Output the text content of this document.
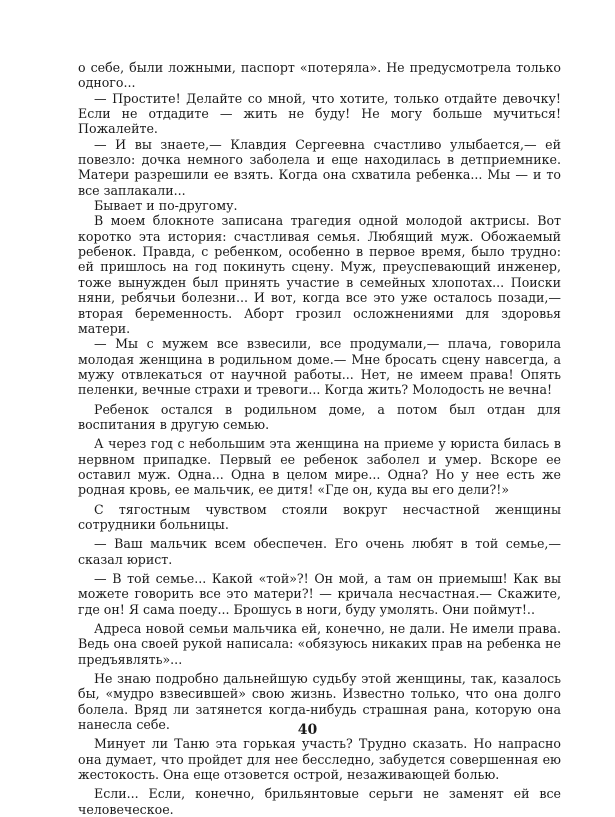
о себе, были ложными, паспорт «потеряла». Не предусмотрела только одного...

— Простите! Делайте со мной, что хотите, только отдайте девочку! Если не отдадите — жить не буду! Не могу больше мучиться! Пожалейте.

— И вы знаете,— Клавдия Сергеевна счастливо улыбается,— ей повезло: дочка немного заболела и еще находилась в детприемнике. Матери разрешили ее взять. Когда она схватила ребенка... Мы — и то все заплакали...

Бывает и по-другому.

В моем блокноте записана трагедия одной молодой актрисы. Вот коротко эта история: счастливая семья. Любящий муж. Обожаемый ребенок. Правда, с ребенком, особенно в первое время, было трудно: ей пришлось на год покинуть сцену. Муж, преуспевающий инженер, тоже вынужден был принять участие в семейных хлопотах... Поиски няни, ребячьи болезни... И вот, когда все это уже осталось позади,— вторая беременность. Аборт грозил осложнениями для здоровья матери.

— Мы с мужем все взвесили, все продумали,— плача, говорила молодая женщина в родильном доме.— Мне бросать сцену навсегда, а мужу отвлекаться от научной работы... Нет, не имеем права! Опять пеленки, вечные страхи и тревоги... Когда жить? Молодость не вечна!

Ребенок остался в родильном доме, а потом был отдан для воспитания в другую семью.

А через год с небольшим эта женщина на приеме у юриста билась в нервном припадке. Первый ее ребенок заболел и умер. Вскоре ее оставил муж. Одна... Одна в целом мире... Одна? Но у нее есть же родная кровь, ее мальчик, ее дитя! «Где он, куда вы его дели?!»

С тягостным чувством стояли вокруг несчастной женщины сотрудники больницы.

— Ваш мальчик всем обеспечен. Его очень любят в той семье,— сказал юрист.

— В той семье... Какой «той»?! Он мой, а там он приемыш! Как вы можете говорить все это матери?! — кричала несчастная.— Скажите, где он! Я сама поеду... Брошусь в ноги, буду умолять. Они поймут!..

Адреса новой семьи мальчика ей, конечно, не дали. Не имели права. Ведь она своей рукой написала: «обязуюсь никаких прав на ребенка не предъявлять»...

Не знаю подробно дальнейшую судьбу этой женщины, так, казалось бы, «мудро взвесившей» свою жизнь. Известно только, что она долго болела. Вряд ли затянется когда-нибудь страшная рана, которую она нанесла себе.

Минует ли Таню эта горькая участь? Трудно сказать. Но напрасно она думает, что пройдет для нее бесследно, забудется совершенная ею жестокость. Она еще отзовется острой, незаживающей болью.

Если... Если, конечно, брильянтовые серьги не заменят ей все человеческое.

40
